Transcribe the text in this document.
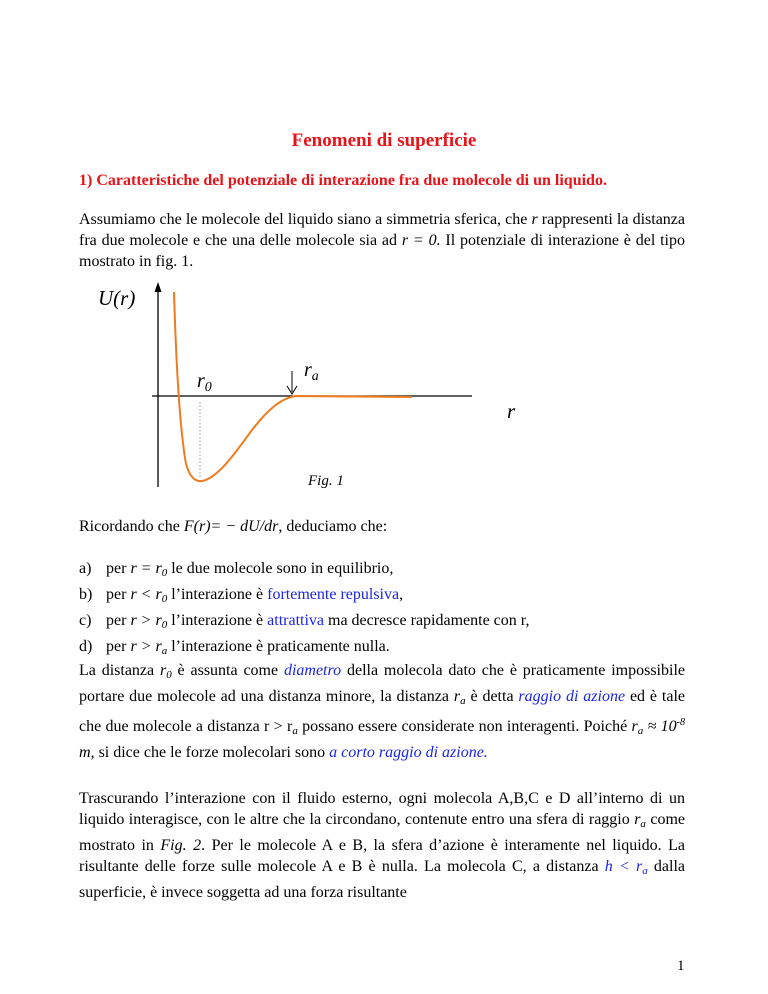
Fenomeni di superficie
1) Caratteristiche del potenziale di interazione fra due molecole di un liquido.
Assumiamo che le molecole del liquido siano a simmetria sferica, che r rappresenti la distanza fra due molecole e che una delle molecole sia ad r = 0. Il potenziale di interazione è del tipo mostrato in fig. 1.
U(r)
r
$r_0$
$r_a$
Fig. 1
Ricordando che F(r)= − dU/dr, deduciamo che:
a) per $r = r_0$ le due molecole sono in equilibrio,
b) per $r < r_0$ l’interazione è fortemente repulsiva,
c) per $r > r_0$ l’interazione è attrattiva ma decresce rapidamente con r,
d) per $r > r_a$ l’interazione è praticamente nulla.
La distanza $r_0$ è assunta come diametro della molecola dato che è praticamente impossibile portare due molecole ad una distanza minore, la distanza $r_a$ è detta raggio di azione ed è tale che due molecole a distanza $r > r_a$ possano essere considerate non interagenti. Poiché $r_a \approx 10^{-8}$ m, si dice che le forze molecolari sono a corto raggio di azione.
Trascurando l’interazione con il fluido esterno, ogni molecola A,B,C e D all’interno di un liquido interagisce, con le altre che la circondano, contenute entro una sfera di raggio $r_a$ come mostrato in Fig. 2. Per le molecole A e B, la sfera d’azione è interamente nel liquido. La risultante delle forze sulle molecole A e B è nulla. La molecola C, a distanza $h < r_a$ dalla superficie, è invece soggetta ad una forza risultante
1
